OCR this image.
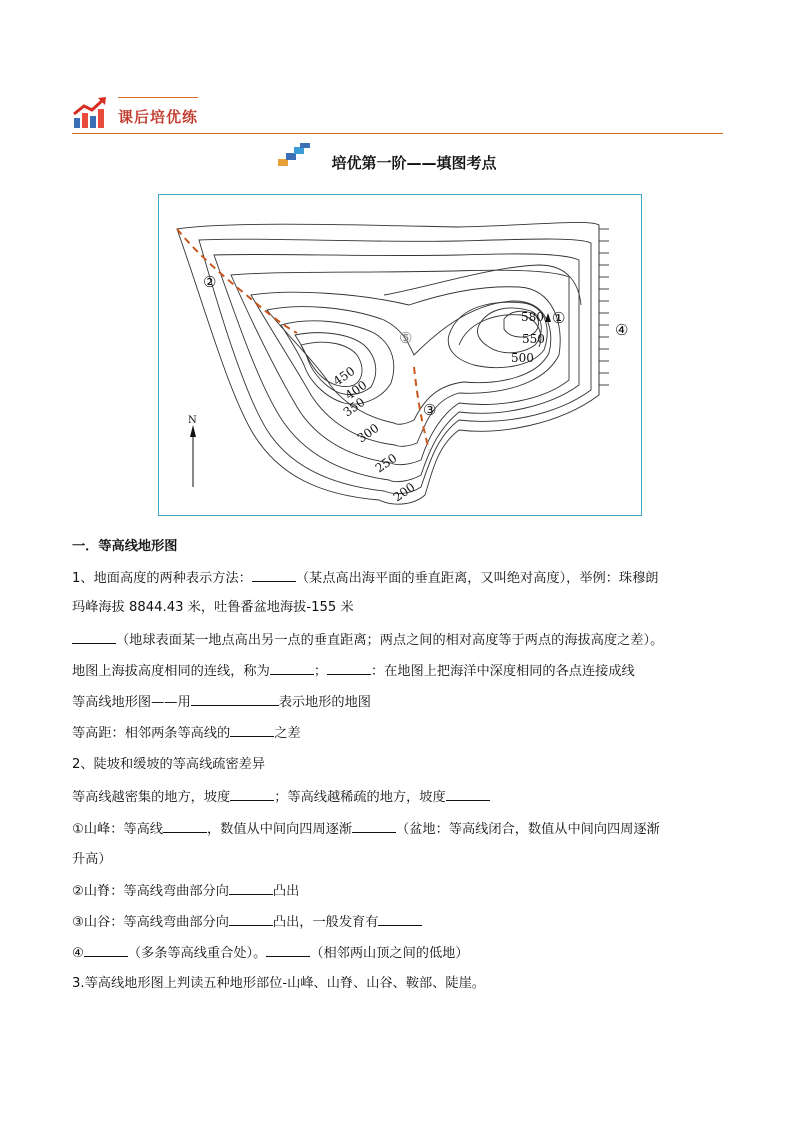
课后培优练
培优第一阶——填图考点
200
250
300
350
400
450
500
550
580 ①
②
③
④
⑤
N
一．等高线地形图
1、地面高度的两种表示方法：	（某点高出海平面的垂直距离，又叫绝对高度），举例：珠穆朗
玛峰海拔 8844.43 米，吐鲁番盆地海拔-155 米
（地球表面某一地点高出另一点的垂直距离；两点之间的相对高度等于两点的海拔高度之差）。
地图上海拔高度相同的连线，称为	；	：在地图上把海洋中深度相同的各点连接成线
等高线地形图——用	表示地形的地图
等高距：相邻两条等高线的	之差
2、陡坡和缓坡的等高线疏密差异
等高线越密集的地方，坡度	；等高线越稀疏的地方，坡度
①山峰：等高线	，数值从中间向四周逐渐	（盆地：等高线闭合，数值从中间向四周逐渐
升高）
②山脊：等高线弯曲部分向	凸出
③山谷：等高线弯曲部分向	凸出，一般发育有
④	（多条等高线重合处）。	（相邻两山顶之间的低地）
3.等高线地形图上判读五种地形部位-山峰、山脊、山谷、鞍部、陡崖。
